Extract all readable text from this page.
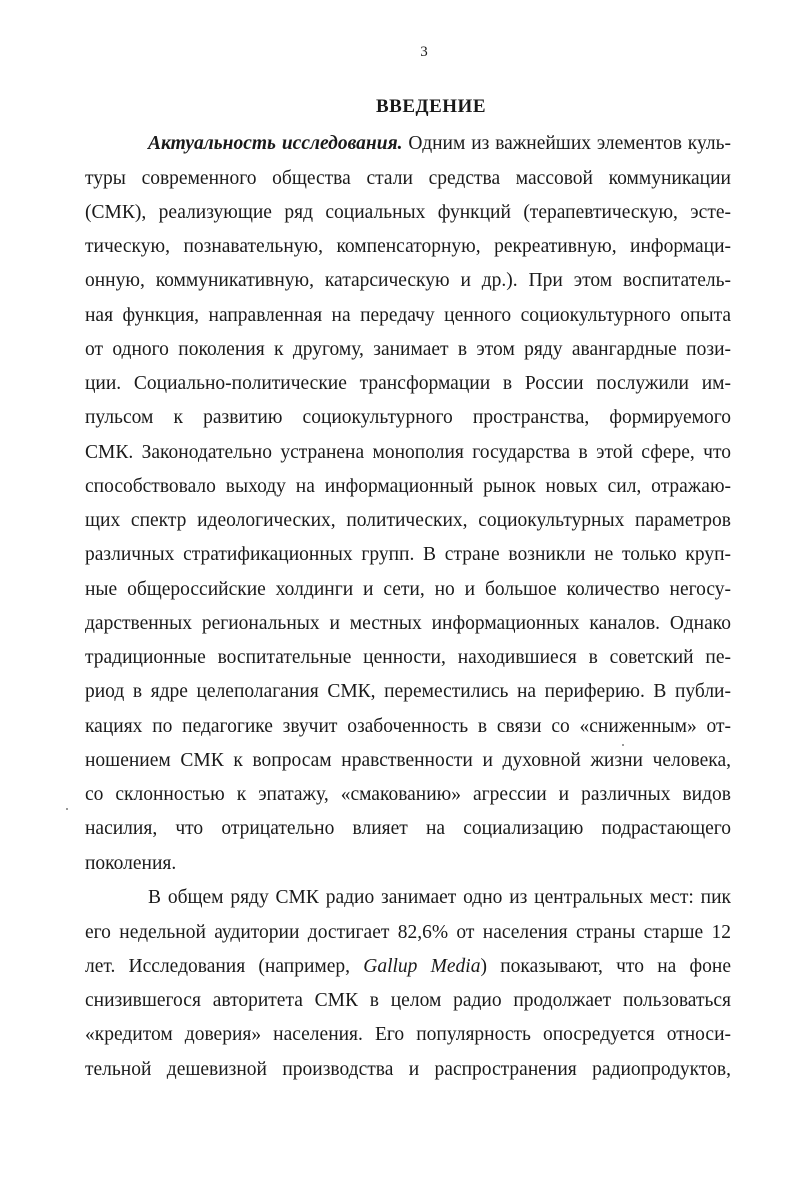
3
ВВЕДЕНИЕ
Актуальность исследования. Одним из важнейших элементов куль-
туры современного общества стали средства массовой коммуникации
(СМК), реализующие ряд социальных функций (терапевтическую, эсте-
тическую, познавательную, компенсаторную, рекреативную, информаци-
онную, коммуникативную, катарсическую и др.). При этом воспитатель-
ная функция, направленная на передачу ценного социокультурного опыта
от одного поколения к другому, занимает в этом ряду авангардные пози-
ции. Социально-политические трансформации в России послужили им-
пульсом к развитию социокультурного пространства, формируемого
СМК. Законодательно устранена монополия государства в этой сфере, что
способствовало выходу на информационный рынок новых сил, отражаю-
щих спектр идеологических, политических, социокультурных параметров
различных стратификационных групп. В стране возникли не только круп-
ные общероссийские холдинги и сети, но и большое количество негосу-
дарственных региональных и местных информационных каналов. Однако
традиционные воспитательные ценности, находившиеся в советский пе-
риод в ядре целеполагания СМК, переместились на периферию. В публи-
кациях по педагогике звучит озабоченность в связи со «сниженным» от-
ношением СМК к вопросам нравственности и духовной жизни человека,
со склонностью к эпатажу, «смакованию» агрессии и различных видов
насилия, что отрицательно влияет на социализацию подрастающего
поколения.
В общем ряду СМК радио занимает одно из центральных мест: пик
его недельной аудитории достигает 82,6% от населения страны старше 12
лет. Исследования (например, Gallup Media) показывают, что на фоне
снизившегося авторитета СМК в целом радио продолжает пользоваться
«кредитом доверия» населения. Его популярность опосредуется относи-
тельной дешевизной производства и распространения радиопродуктов,
